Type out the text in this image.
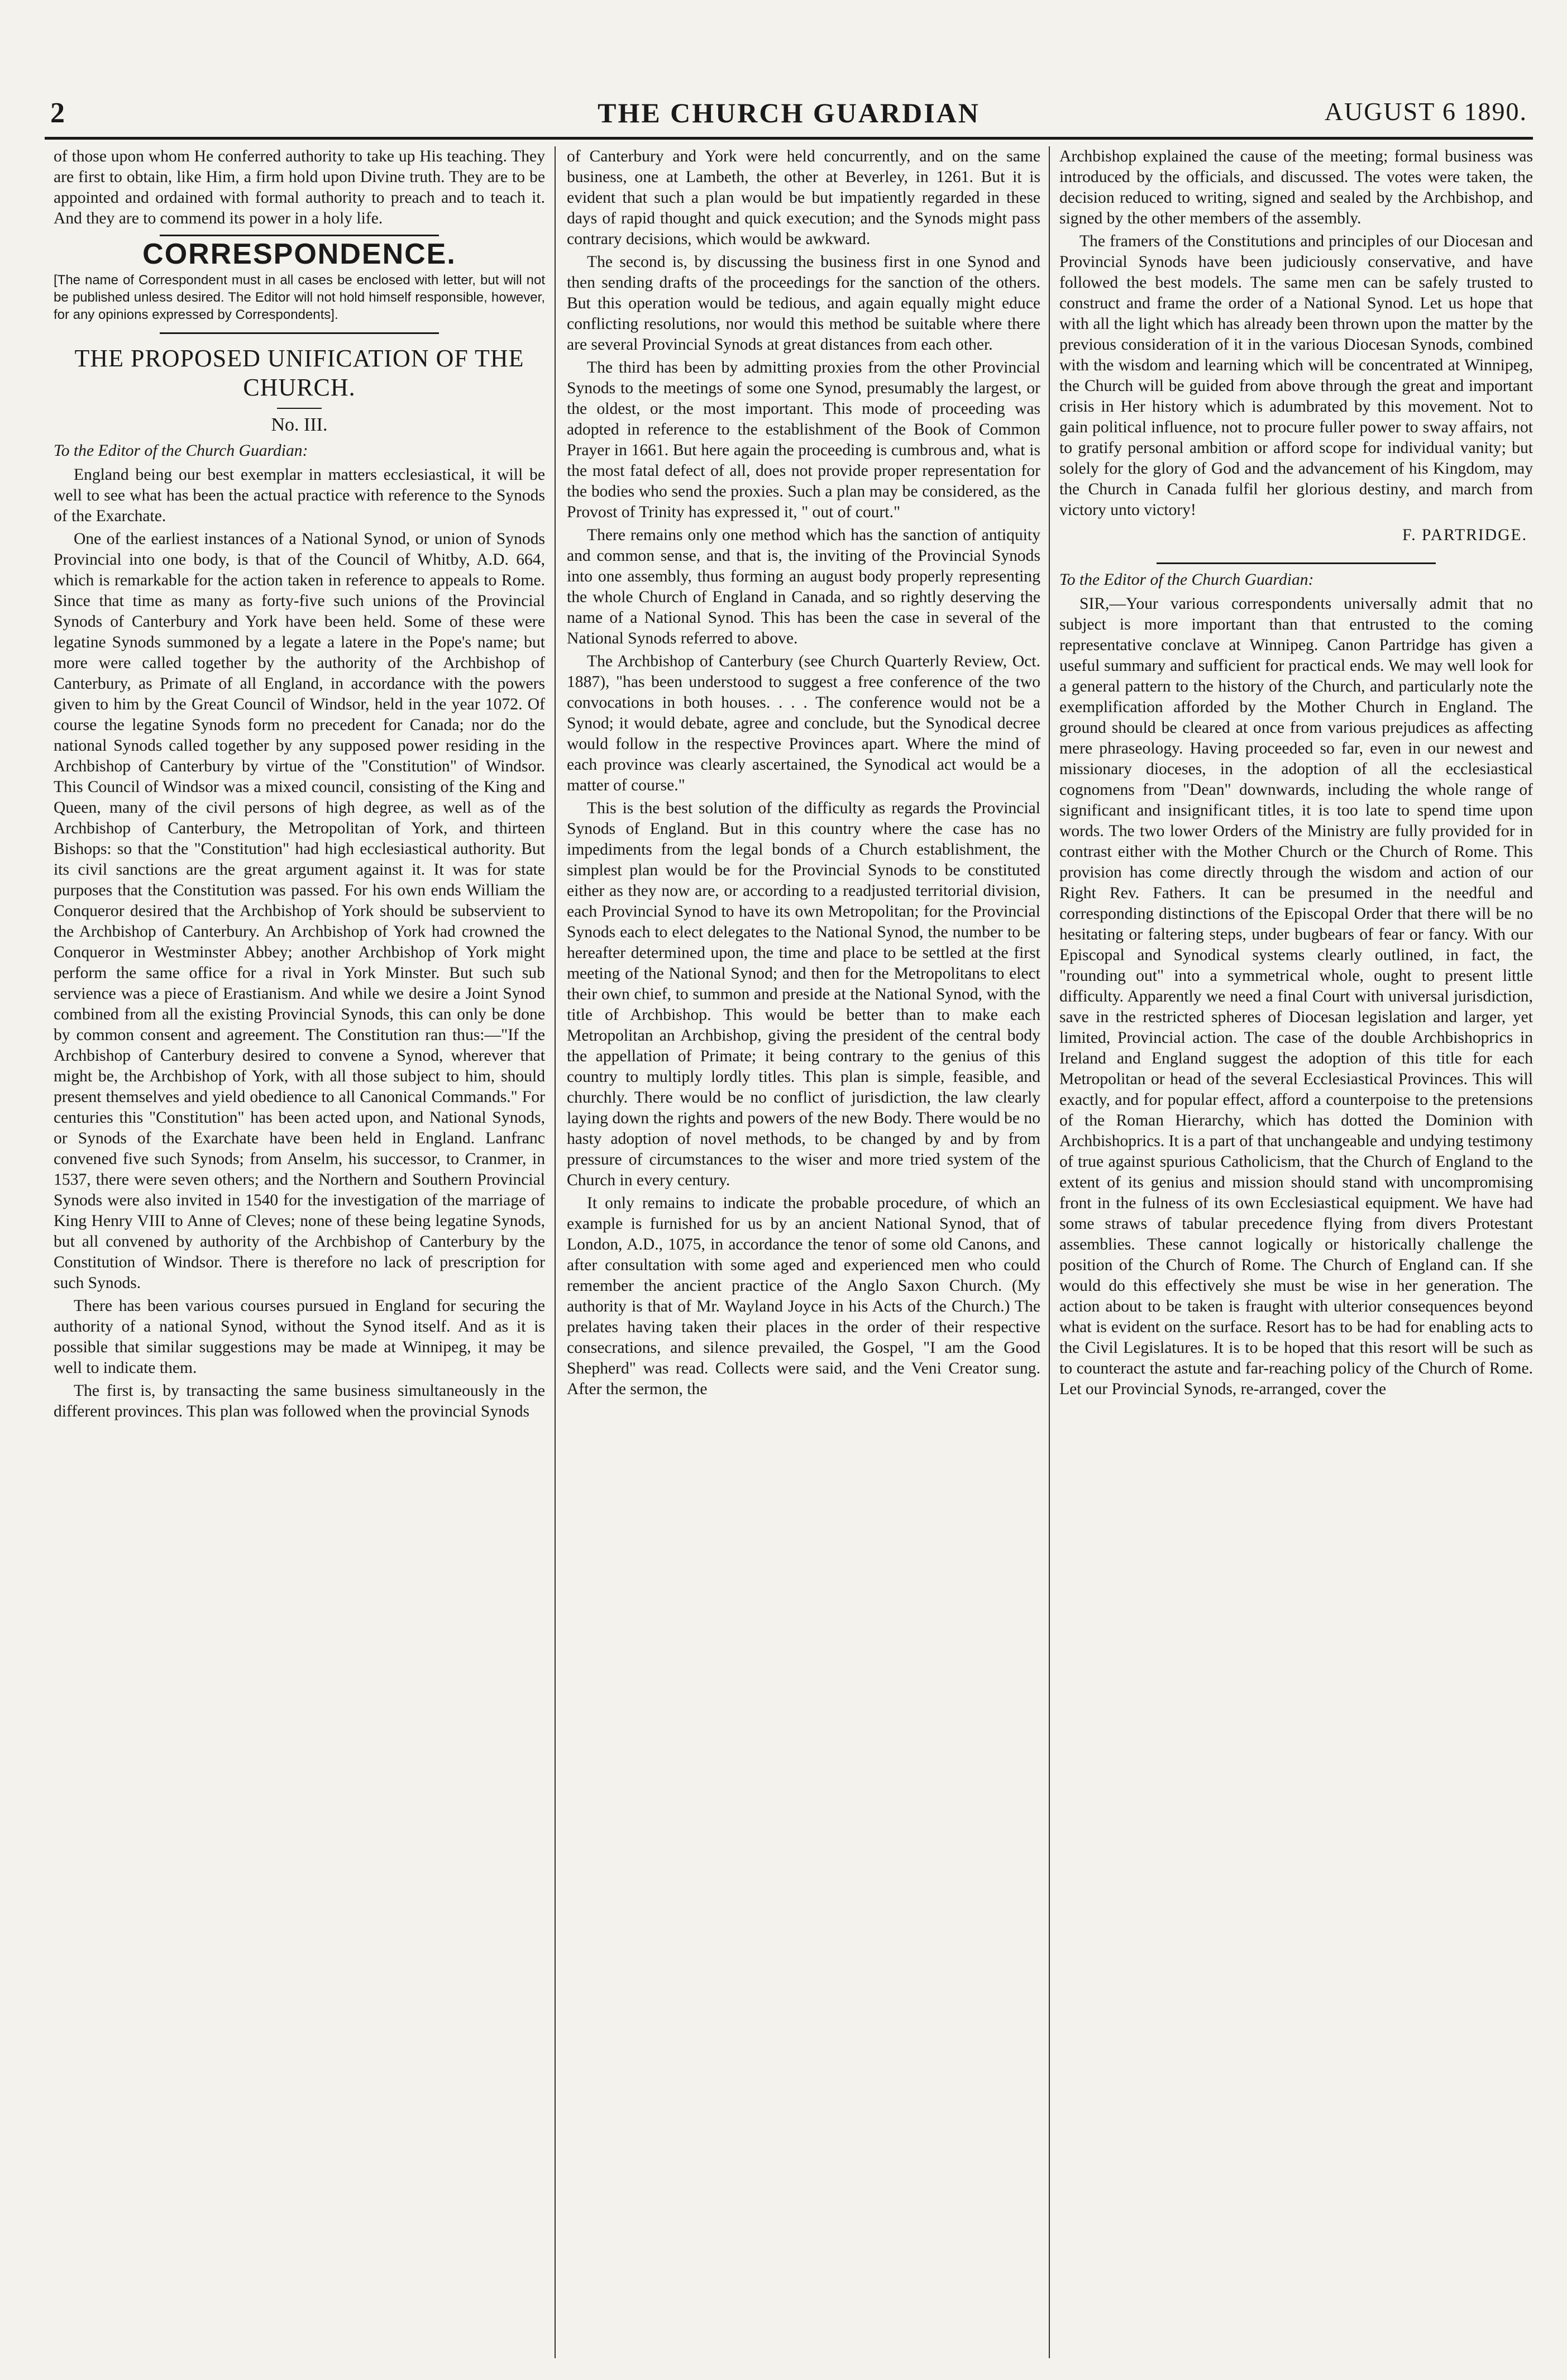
2	THE CHURCH GUARDIAN	AUGUST 6 1890.

of those upon whom He conferred authority to take up His teaching. They are first to obtain, like Him, a firm hold upon Divine truth. They are to be appointed and ordained with formal authority to preach and to teach it. And they are to commend its power in a holy life.

CORRESPONDENCE.
[The name of Correspondent must in all cases be enclosed with letter, but will not be published unless desired. The Editor will not hold himself responsible, however, for any opinions expressed by Correspondents].
THE PROPOSED UNIFICATION OF THE CHURCH.
No. III.

To the Editor of the Church Guardian:

England being our best exemplar in matters ecclesiastical, it will be well to see what has been the actual practice with reference to the Synods of the Exarchate.

One of the earliest instances of a National Synod, or union of Synods Provincial into one body, is that of the Council of Whitby, A.D. 664, which is remarkable for the action taken in reference to appeals to Rome. Since that time as many as forty-five such unions of the Provincial Synods of Canterbury and York have been held. Some of these were legatine Synods summoned by a legate a latere in the Pope's name; but more were called together by the authority of the Archbishop of Canterbury, as Primate of all England, in accordance with the powers given to him by the Great Council of Windsor, held in the year 1072. Of course the legatine Synods form no precedent for Canada; nor do the national Synods called together by any supposed power residing in the Archbishop of Canterbury by virtue of the "Constitution" of Windsor. This Council of Windsor was a mixed council, consisting of the King and Queen, many of the civil persons of high degree, as well as of the Archbishop of Canterbury, the Metropolitan of York, and thirteen Bishops: so that the "Constitution" had high ecclesiastical authority. But its civil sanctions are the great argument against it. It was for state purposes that the Constitution was passed. For his own ends William the Conqueror desired that the Archbishop of York should be subservient to the Archbishop of Canterbury. An Archbishop of York had crowned the Conqueror in Westminster Abbey; another Archbishop of York might perform the same office for a rival in York Minster. But such sub servience was a piece of Erastianism. And while we desire a Joint Synod combined from all the existing Provincial Synods, this can only be done by common consent and agreement. The Constitution ran thus:—"If the Archbishop of Canterbury desired to convene a Synod, wherever that might be, the Archbishop of York, with all those subject to him, should present themselves and yield obedience to all Canonical Commands." For centuries this "Constitution" has been acted upon, and National Synods, or Synods of the Exarchate have been held in England. Lanfranc convened five such Synods; from Anselm, his successor, to Cranmer, in 1537, there were seven others; and the Northern and Southern Provincial Synods were also invited in 1540 for the investigation of the marriage of King Henry VIII to Anne of Cleves; none of these being legatine Synods, but all convened by authority of the Archbishop of Canterbury by the Constitution of Windsor. There is therefore no lack of prescription for such Synods.

There has been various courses pursued in England for securing the authority of a national Synod, without the Synod itself. And as it is possible that similar suggestions may be made at Winnipeg, it may be well to indicate them.

The first is, by transacting the same business simultaneously in the different provinces. This plan was followed when the provincial Synods

of Canterbury and York were held concurrently, and on the same business, one at Lambeth, the other at Beverley, in 1261. But it is evident that such a plan would be but impatiently regarded in these days of rapid thought and quick execution; and the Synods might pass contrary decisions, which would be awkward.

The second is, by discussing the business first in one Synod and then sending drafts of the proceedings for the sanction of the others. But this operation would be tedious, and again equally might educe conflicting resolutions, nor would this method be suitable where there are several Provincial Synods at great distances from each other.

The third has been by admitting proxies from the other Provincial Synods to the meetings of some one Synod, presumably the largest, or the oldest, or the most important. This mode of proceeding was adopted in reference to the establishment of the Book of Common Prayer in 1661. But here again the proceeding is cumbrous and, what is the most fatal defect of all, does not provide proper representation for the bodies who send the proxies. Such a plan may be considered, as the Provost of Trinity has expressed it, " out of court."

There remains only one method which has the sanction of antiquity and common sense, and that is, the inviting of the Provincial Synods into one assembly, thus forming an august body properly representing the whole Church of England in Canada, and so rightly deserving the name of a National Synod. This has been the case in several of the National Synods referred to above.

The Archbishop of Canterbury (see Church Quarterly Review, Oct. 1887), "has been understood to suggest a free conference of the two convocations in both houses. . . . The conference would not be a Synod; it would debate, agree and conclude, but the Synodical decree would follow in the respective Provinces apart. Where the mind of each province was clearly ascertained, the Synodical act would be a matter of course."

This is the best solution of the difficulty as regards the Provincial Synods of England. But in this country where the case has no impediments from the legal bonds of a Church establishment, the simplest plan would be for the Provincial Synods to be constituted either as they now are, or according to a readjusted territorial division, each Provincial Synod to have its own Metropolitan; for the Provincial Synods each to elect delegates to the National Synod, the number to be hereafter determined upon, the time and place to be settled at the first meeting of the National Synod; and then for the Metropolitans to elect their own chief, to summon and preside at the National Synod, with the title of Archbishop. This would be better than to make each Metropolitan an Archbishop, giving the president of the central body the appellation of Primate; it being contrary to the genius of this country to multiply lordly titles. This plan is simple, feasible, and churchly. There would be no conflict of jurisdiction, the law clearly laying down the rights and powers of the new Body. There would be no hasty adoption of novel methods, to be changed by and by from pressure of circumstances to the wiser and more tried system of the Church in every century.

It only remains to indicate the probable procedure, of which an example is furnished for us by an ancient National Synod, that of London, A.D., 1075, in accordance the tenor of some old Canons, and after consultation with some aged and experienced men who could remember the ancient practice of the Anglo Saxon Church. (My authority is that of Mr. Wayland Joyce in his Acts of the Church.) The prelates having taken their places in the order of their respective consecrations, and silence prevailed, the Gospel, "I am the Good Shepherd" was read. Collects were said, and the Veni Creator sung. After the sermon, the

Archbishop explained the cause of the meeting; formal business was introduced by the officials, and discussed. The votes were taken, the decision reduced to writing, signed and sealed by the Archbishop, and signed by the other members of the assembly.

The framers of the Constitutions and principles of our Diocesan and Provincial Synods have been judiciously conservative, and have followed the best models. The same men can be safely trusted to construct and frame the order of a National Synod. Let us hope that with all the light which has already been thrown upon the matter by the previous consideration of it in the various Diocesan Synods, combined with the wisdom and learning which will be concentrated at Winnipeg, the Church will be guided from above through the great and important crisis in Her history which is adumbrated by this movement. Not to gain political influence, not to procure fuller power to sway affairs, not to gratify personal ambition or afford scope for individual vanity; but solely for the glory of God and the advancement of his Kingdom, may the Church in Canada fulfil her glorious destiny, and march from victory unto victory!

F. PARTRIDGE.

To the Editor of the Church Guardian:

SIR,—Your various correspondents universally admit that no subject is more important than that entrusted to the coming representative conclave at Winnipeg. Canon Partridge has given a useful summary and sufficient for practical ends. We may well look for a general pattern to the history of the Church, and particularly note the exemplification afforded by the Mother Church in England. The ground should be cleared at once from various prejudices as affecting mere phraseology. Having proceeded so far, even in our newest and missionary dioceses, in the adoption of all the ecclesiastical cognomens from "Dean" downwards, including the whole range of significant and insignificant titles, it is too late to spend time upon words. The two lower Orders of the Ministry are fully provided for in contrast either with the Mother Church or the Church of Rome. This provision has come directly through the wisdom and action of our Right Rev. Fathers. It can be presumed in the needful and corresponding distinctions of the Episcopal Order that there will be no hesitating or faltering steps, under bugbears of fear or fancy. With our Episcopal and Synodical systems clearly outlined, in fact, the "rounding out" into a symmetrical whole, ought to present little difficulty. Apparently we need a final Court with universal jurisdiction, save in the restricted spheres of Diocesan legislation and larger, yet limited, Provincial action. The case of the double Archbishoprics in Ireland and England suggest the adoption of this title for each Metropolitan or head of the several Ecclesiastical Provinces. This will exactly, and for popular effect, afford a counterpoise to the pretensions of the Roman Hierarchy, which has dotted the Dominion with Archbishoprics. It is a part of that unchangeable and undying testimony of true against spurious Catholicism, that the Church of England to the extent of its genius and mission should stand with uncompromising front in the fulness of its own Ecclesiastical equipment. We have had some straws of tabular precedence flying from divers Protestant assemblies. These cannot logically or historically challenge the position of the Church of Rome. The Church of England can. If she would do this effectively she must be wise in her generation. The action about to be taken is fraught with ulterior consequences beyond what is evident on the surface. Resort has to be had for enabling acts to the Civil Legislatures. It is to be hoped that this resort will be such as to counteract the astute and far-reaching policy of the Church of Rome. Let our Provincial Synods, re-arranged, cover the
